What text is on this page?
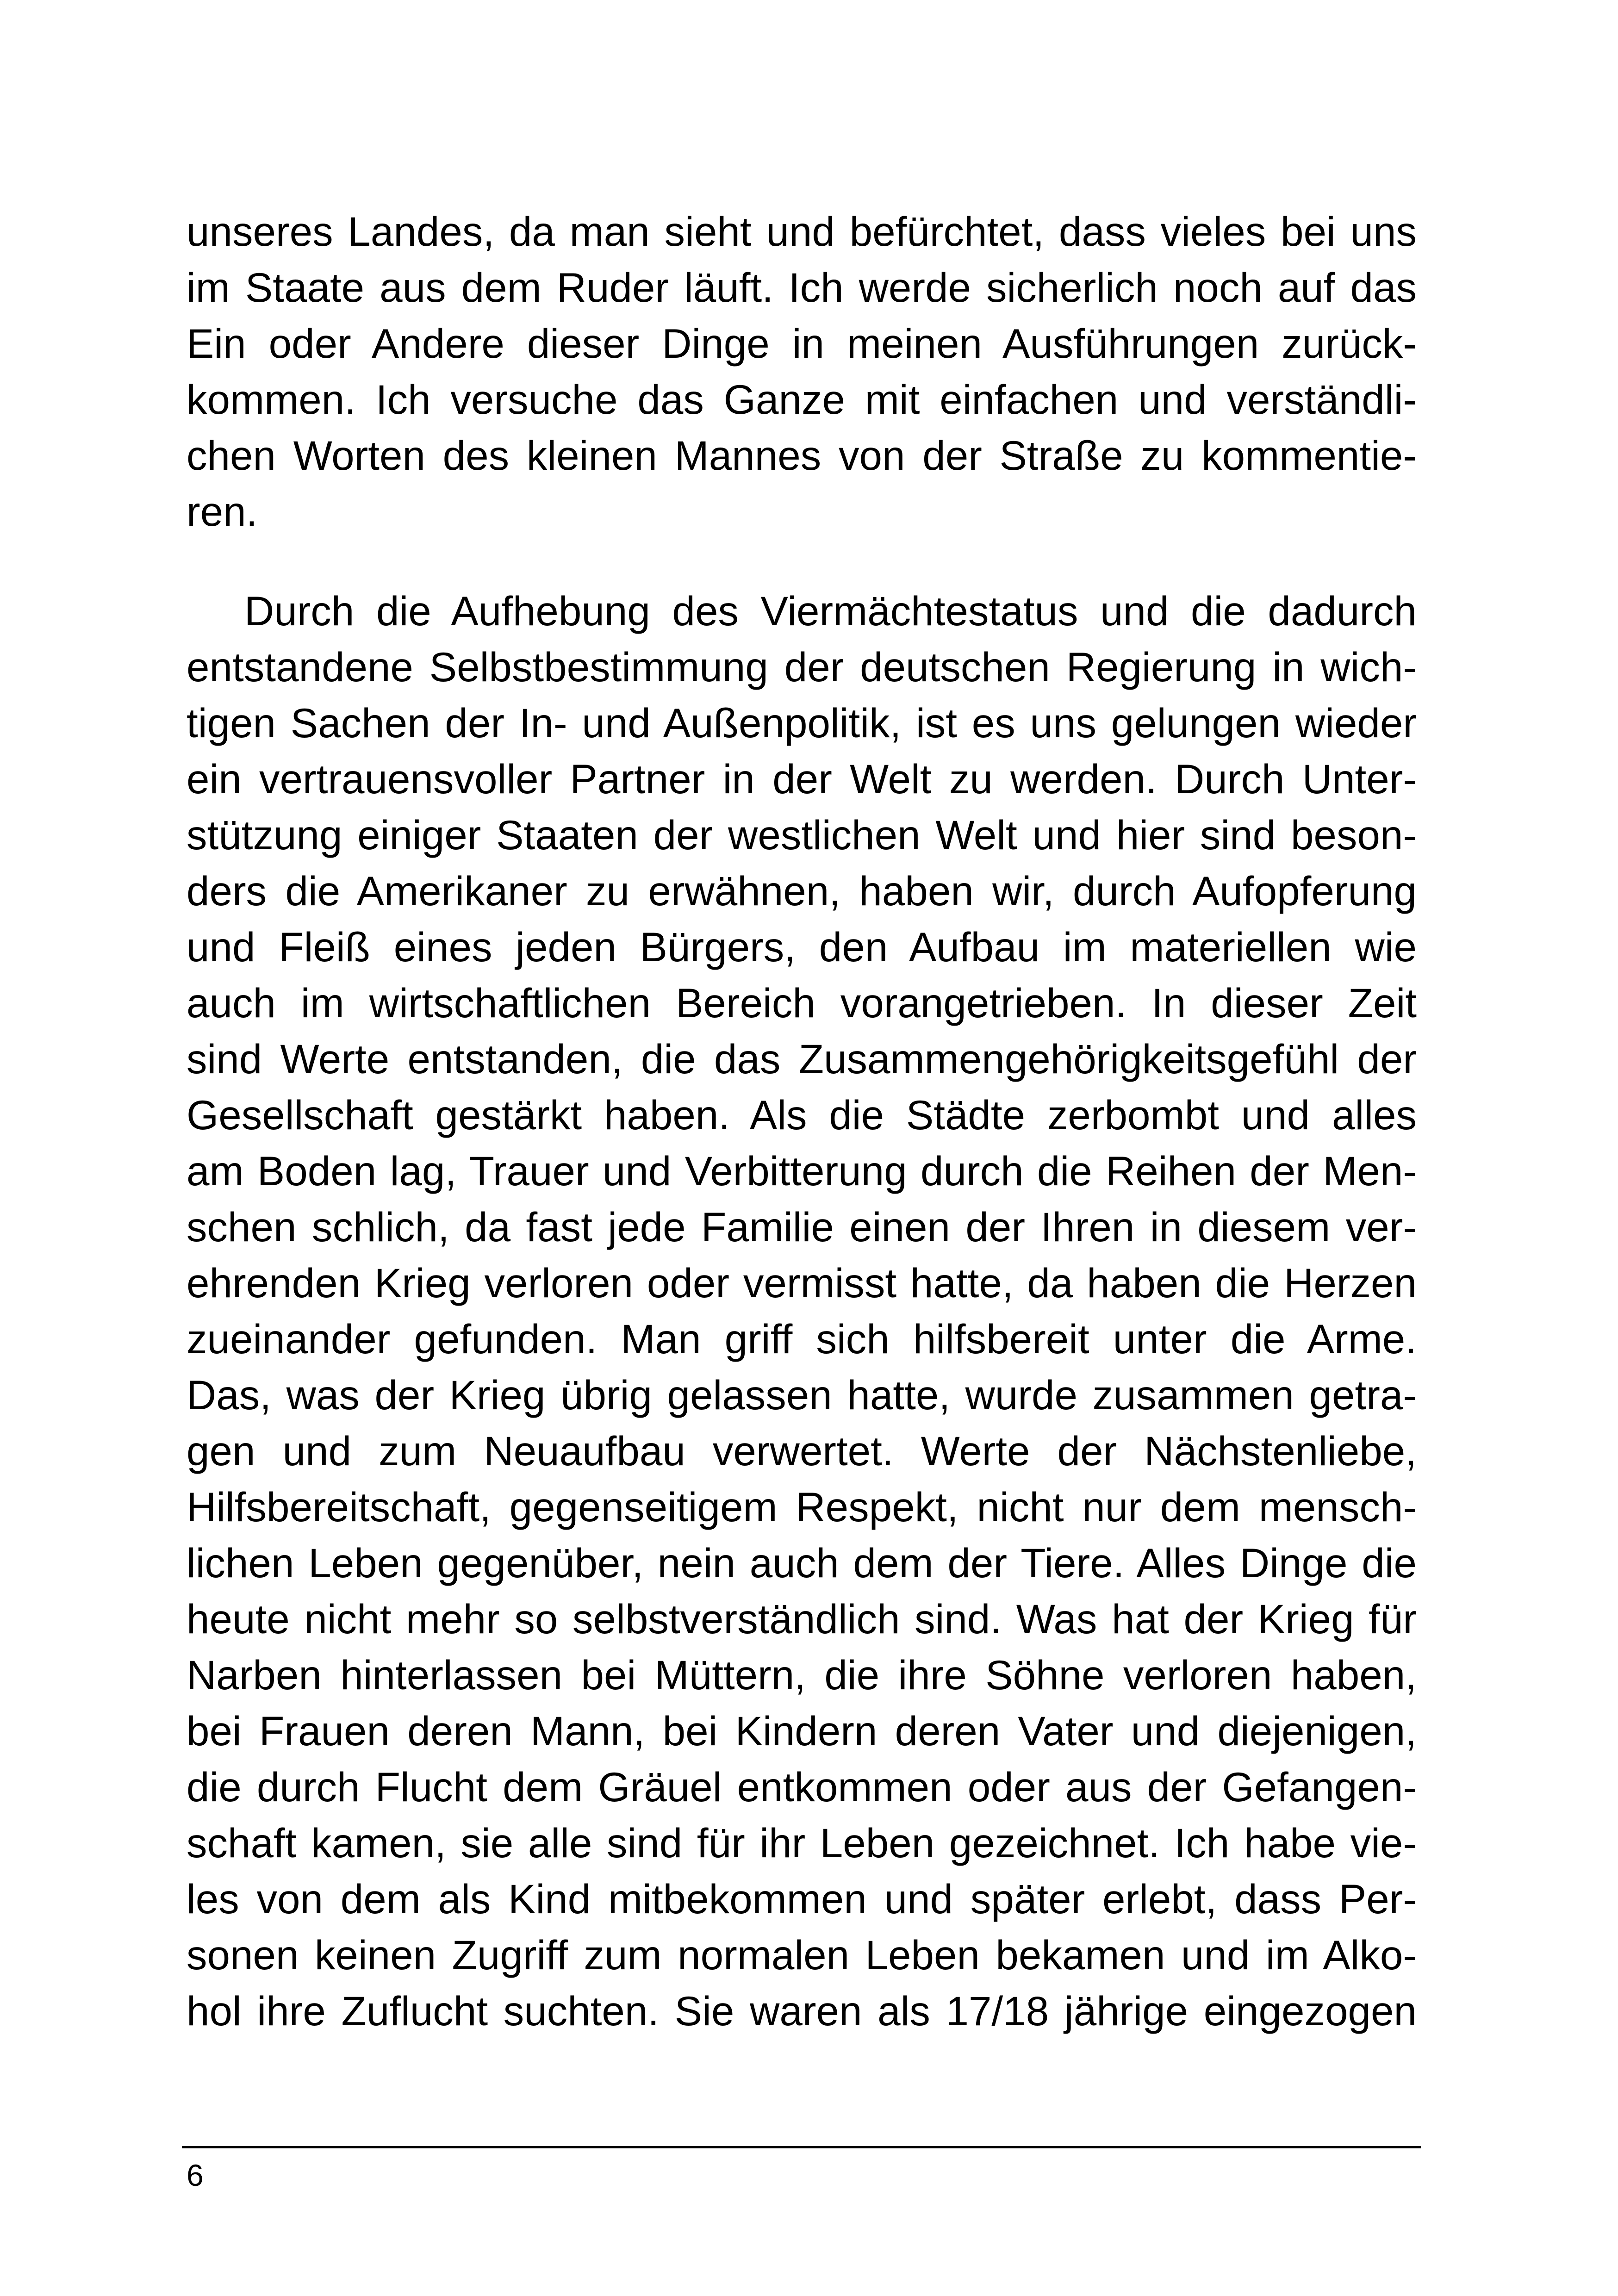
unseres Landes, da man sieht und befürchtet, dass vieles bei uns
im Staate aus dem Ruder läuft. Ich werde sicherlich noch auf das
Ein oder Andere dieser Dinge in meinen Ausführungen zurück-
kommen. Ich versuche das Ganze mit einfachen und verständli-
chen Worten des kleinen Mannes von der Straße zu kommentie-
ren.
Durch die Aufhebung des Viermächtestatus und die dadurch
entstandene Selbstbestimmung der deutschen Regierung in wich-
tigen Sachen der In- und Außenpolitik, ist es uns gelungen wieder
ein vertrauensvoller Partner in der Welt zu werden. Durch Unter-
stützung einiger Staaten der westlichen Welt und hier sind beson-
ders die Amerikaner zu erwähnen, haben wir, durch Aufopferung
und Fleiß eines jeden Bürgers, den Aufbau im materiellen wie
auch im wirtschaftlichen Bereich vorangetrieben. In dieser Zeit
sind Werte entstanden, die das Zusammengehörigkeitsgefühl der
Gesellschaft gestärkt haben. Als die Städte zerbombt und alles
am Boden lag, Trauer und Verbitterung durch die Reihen der Men-
schen schlich, da fast jede Familie einen der Ihren in diesem ver-
ehrenden Krieg verloren oder vermisst hatte, da haben die Herzen
zueinander gefunden. Man griff sich hilfsbereit unter die Arme.
Das, was der Krieg übrig gelassen hatte, wurde zusammen getra-
gen und zum Neuaufbau verwertet. Werte der Nächstenliebe,
Hilfsbereitschaft, gegenseitigem Respekt, nicht nur dem mensch-
lichen Leben gegenüber, nein auch dem der Tiere. Alles Dinge die
heute nicht mehr so selbstverständlich sind. Was hat der Krieg für
Narben hinterlassen bei Müttern, die ihre Söhne verloren haben,
bei Frauen deren Mann, bei Kindern deren Vater und diejenigen,
die durch Flucht dem Gräuel entkommen oder aus der Gefangen-
schaft kamen, sie alle sind für ihr Leben gezeichnet. Ich habe vie-
les von dem als Kind mitbekommen und später erlebt, dass Per-
sonen keinen Zugriff zum normalen Leben bekamen und im Alko-
hol ihre Zuflucht suchten. Sie waren als 17/18 jährige eingezogen
6
